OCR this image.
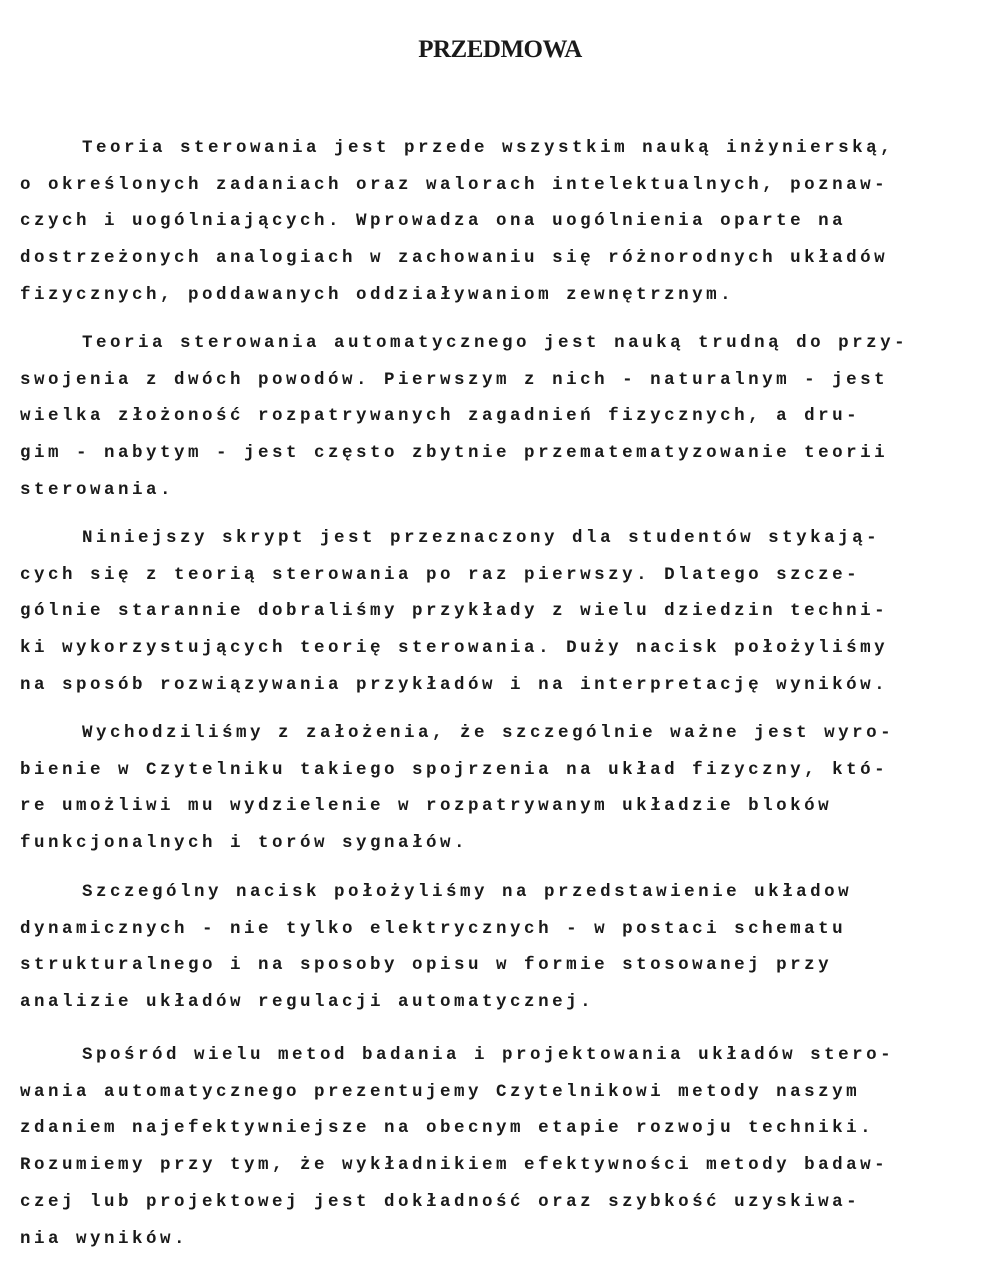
PRZEDMOWA

Teoria sterowania jest przede wszystkim nauką inżynierską,

o określonych zadaniach oraz walorach intelektualnych, poznaw-

czych i uogólniających. Wprowadza ona uogólnienia oparte na

dostrzeżonych analogiach w zachowaniu się różnorodnych układów

fizycznych, poddawanych oddziaływaniom zewnętrznym.

Teoria sterowania automatycznego jest nauką trudną do przy-

swojenia z dwóch powodów. Pierwszym z nich - naturalnym - jest

wielka złożoność rozpatrywanych zagadnień fizycznych, a dru-

gim - nabytym - jest często zbytnie przematematyzowanie teorii

sterowania.

Niniejszy skrypt jest przeznaczony dla studentów stykają-

cych się z teorią sterowania po raz pierwszy. Dlatego szcze-

gólnie starannie dobraliśmy przykłady z wielu dziedzin techni-

ki wykorzystujących teorię sterowania. Duży nacisk położyliśmy

na sposób rozwiązywania przykładów i na interpretację wyników.

Wychodziliśmy z założenia, że szczególnie ważne jest wyro-

bienie w Czytelniku takiego spojrzenia na układ fizyczny, któ-

re umożliwi mu wydzielenie w rozpatrywanym układzie bloków

funkcjonalnych i torów sygnałów.

Szczególny nacisk położyliśmy na przedstawienie układow

dynamicznych - nie tylko elektrycznych - w postaci schematu

strukturalnego i na sposoby opisu w formie stosowanej przy

analizie układów regulacji automatycznej.

Spośród wielu metod badania i projektowania układów stero-

wania automatycznego prezentujemy Czytelnikowi metody naszym

zdaniem najefektywniejsze na obecnym etapie rozwoju techniki.

Rozumiemy przy tym, że wykładnikiem efektywności metody badaw-

czej lub projektowej jest dokładność oraz szybkość uzyskiwa-

nia wyników.
